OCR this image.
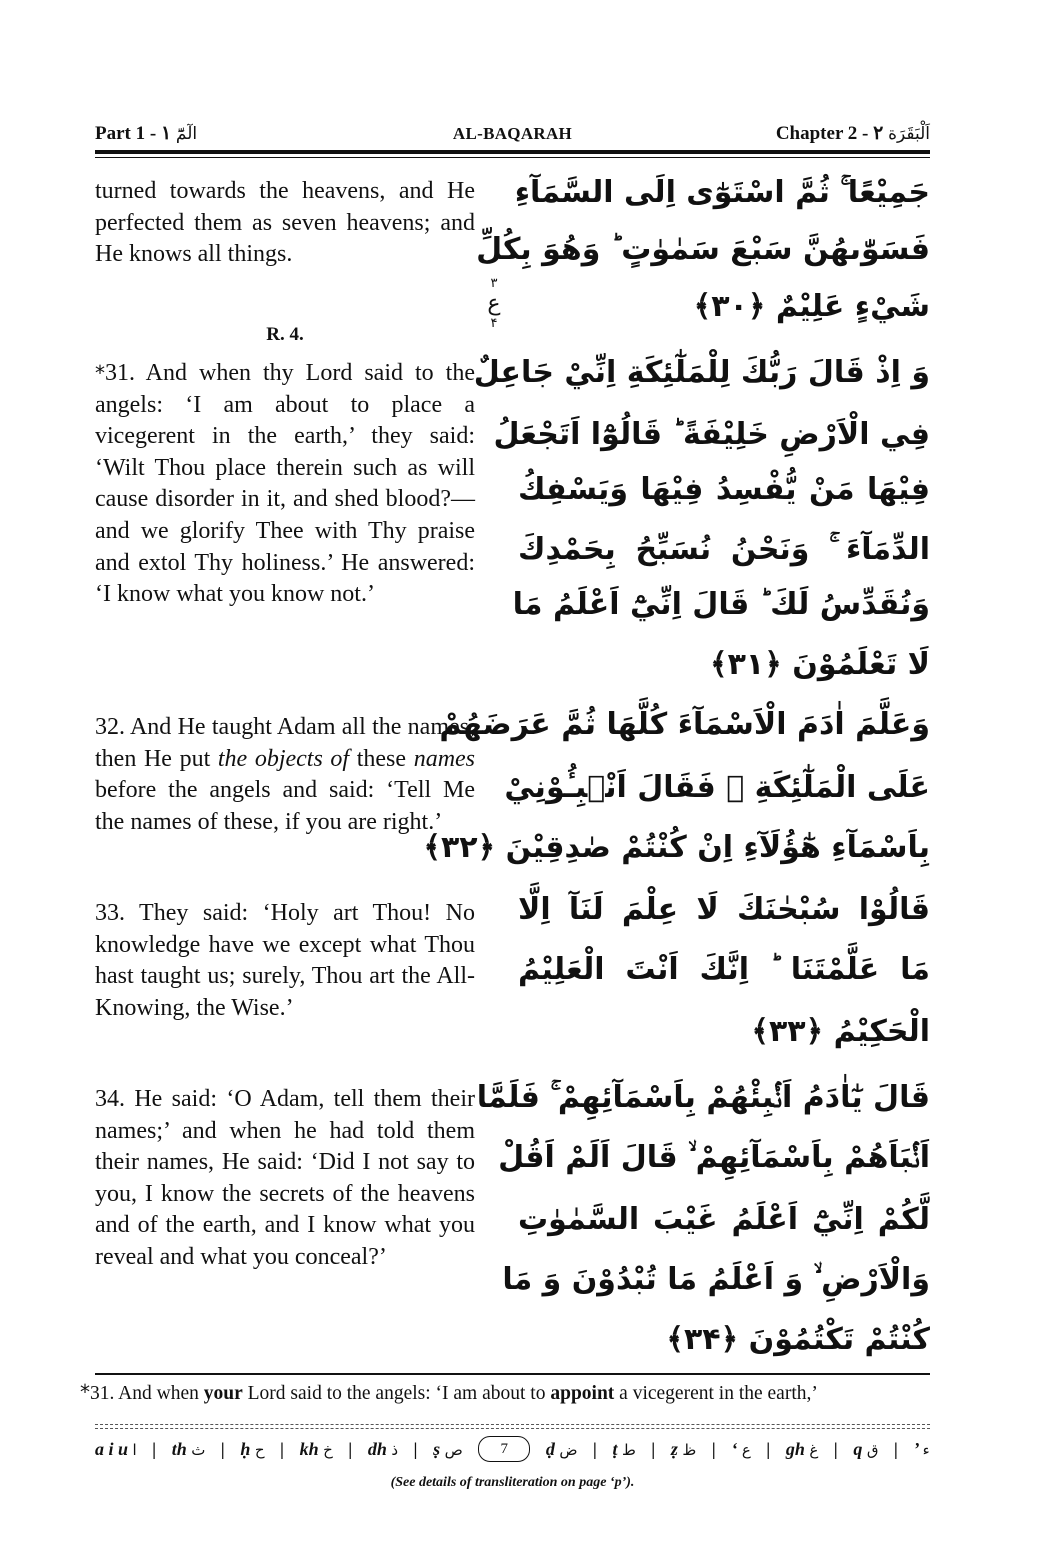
Part 1 - ۱ الٓمّٓ	AL-BAQARAH	Chapter 2 - ۲ اَلْبَقَرَة

turned towards the heavens, and He perfected them as seven heavens; and He knows all things.

R. 4.

*31. And when thy Lord said to the angels: ‘I am about to place a vicegerent in the earth,’ they said: ‘Wilt Thou place therein such as will cause disorder in it, and shed blood?—and we glorify Thee with Thy praise and extol Thy holiness.’ He answered: ‘I know what you know not.’

32. And He taught Adam all the names, then He put the objects of these names before the angels and said: ‘Tell Me the names of these, if you are right.’

33. They said: ‘Holy art Thou! No knowledge have we except what Thou hast taught us; surely, Thou art the All-Knowing, the Wise.’

34. He said: ‘O Adam, tell them their names;’ and when he had told them their names, He said: ‘Did I not say to you, I know the secrets of the heavens and of the earth, and I know what you reveal and what you conceal?’

۳
ع
۴
جَمِيْعًا ۚ ثُمَّ اسْتَوٰٓى اِلَى السَّمَآءِ
فَسَوّٰىهُنَّ سَبْعَ سَمٰوٰتٍ ؕ وَهُوَ بِكُلِّ
شَيْءٍ عَلِيْمٌ ﴿۳۰﴾
وَ اِذْ قَالَ رَبُّكَ لِلْمَلٰٓئِكَةِ اِنِّيْ جَاعِلٌ
فِي الْاَرْضِ خَلِيْفَةً ؕ قَالُوْٓا اَتَجْعَلُ
فِيْهَا مَنْ يُّفْسِدُ فِيْهَا وَيَسْفِكُ
الدِّمَآءَ ۚ وَنَحْنُ نُسَبِّحُ بِحَمْدِكَ
وَنُقَدِّسُ لَكَ ؕ قَالَ اِنِّيْٓ اَعْلَمُ مَا
لَا تَعْلَمُوْنَ ﴿۳۱﴾
وَعَلَّمَ اٰدَمَ الْاَسْمَآءَ كُلَّهَا ثُمَّ عَرَضَهُمْ
عَلَى الْمَلٰٓئِكَةِ ۙ فَقَالَ اَنْۢبِـُٔوْنِيْ
بِاَسْمَآءِ هٰٓؤُلَآءِ اِنْ كُنْتُمْ صٰدِقِيْنَ ﴿۳۲﴾
قَالُوْا سُبْحٰنَكَ لَا عِلْمَ لَنَآ اِلَّا
مَا عَلَّمْتَنَا ؕ اِنَّكَ اَنْتَ الْعَلِيْمُ
الْحَكِيْمُ ﴿۳۳﴾
قَالَ يٰٓاٰدَمُ اَنْۢبِئْهُمْ بِاَسْمَآئِهِمْ ۚ فَلَمَّا
اَنْۢبَاَهُمْ بِاَسْمَآئِهِمْ ۙ قَالَ اَلَمْ اَقُلْ
لَّكُمْ اِنِّيْٓ اَعْلَمُ غَيْبَ السَّمٰوٰتِ
وَالْاَرْضِ ۙ وَ اَعْلَمُ مَا تُبْدُوْنَ وَ مَا
كُنْتُمْ تَكْتُمُوْنَ ﴿۳۴﴾
*31. And when your Lord said to the angels: ‘I am about to appoint a vicegerent in the earth,’
a i u ا | th ث | ḥ ح | kh خ | dh ذ | ṣ ص	7	ḍ ض | ṭ ط | ẓ ظ | ‘ ع | gh غ | q ق | ’ ء
(See details of transliteration on page ‘p’).
